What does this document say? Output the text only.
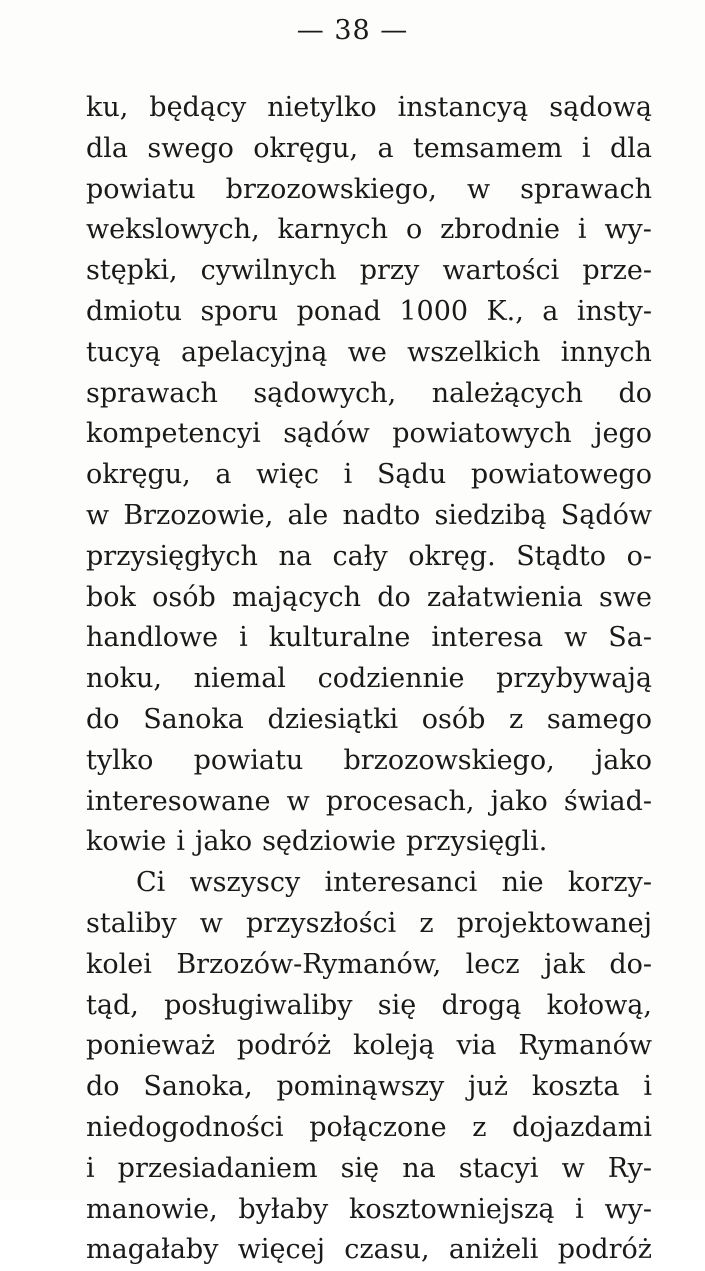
— 38 —
ku, będący nietylko instancyą sądową
dla swego okręgu, a temsamem i dla
powiatu brzozowskiego, w sprawach
wekslowych, karnych o zbrodnie i wy-
stępki, cywilnych przy wartości prze-
dmiotu sporu ponad 1000 K., a insty-
tucyą apelacyjną we wszelkich innych
sprawach sądowych, należących do
kompetencyi sądów powiatowych jego
okręgu, a więc i Sądu powiatowego
w Brzozowie, ale nadto siedzibą Sądów
przysięgłych na cały okręg. Stądto o-
bok osób mających do załatwienia swe
handlowe i kulturalne interesa w Sa-
noku, niemal codziennie przybywają
do Sanoka dziesiątki osób z samego
tylko powiatu brzozowskiego, jako
interesowane w procesach, jako świad-
kowie i jako sędziowie przysięgli.
Ci wszyscy interesanci nie korzy-
staliby w przyszłości z projektowanej
kolei Brzozów-Rymanów, lecz jak do-
tąd, posługiwaliby się drogą kołową,
ponieważ podróż koleją via Rymanów
do Sanoka, pominąwszy już koszta i
niedogodności połączone z dojazdami
i przesiadaniem się na stacyi w Ry-
manowie, byłaby kosztowniejszą i wy-
magałaby więcej czasu, aniżeli podróż
